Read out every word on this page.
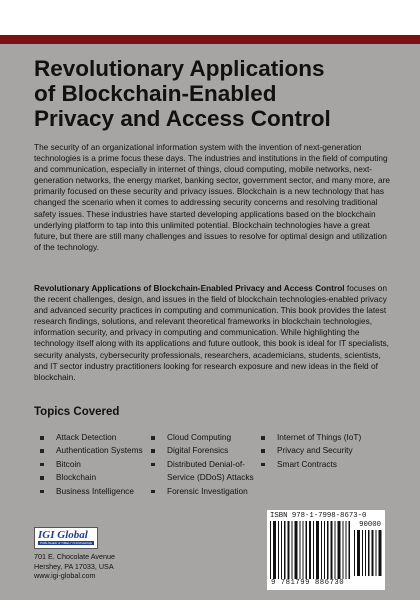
Revolutionary Applications
of Blockchain-Enabled
Privacy and Access Control

The security of an organizational information system with the invention of next-generation technologies is a prime focus these days. The industries and institutions in the field of computing and communication, especially in internet of things, cloud computing, mobile networks, next-generation networks, the energy market, banking sector, government sector, and many more, are primarily focused on these security and privacy issues. Blockchain is a new technology that has changed the scenario when it comes to addressing security concerns and resolving traditional safety issues. These industries have started developing applications based on the blockchain underlying platform to tap into this unlimited potential. Blockchain technologies have a great future, but there are still many challenges and issues to resolve for optimal design and utilization of the technology.

Revolutionary Applications of Blockchain-Enabled Privacy and Access Control focuses on the recent challenges, design, and issues in the field of blockchain technologies-enabled privacy and advanced security practices in computing and communication. This book provides the latest research findings, solutions, and relevant theoretical frameworks in blockchain technologies, information security, and privacy in computing and communication. While highlighting the technology itself along with its applications and future outlook, this book is ideal for IT specialists, security analysts, cybersecurity professionals, researchers, academicians, students, scientists, and IT sector industry practitioners looking for research exposure and new ideas in the field of blockchain.

Topics Covered
Attack Detection
Authentication Systems
Bitcoin
Blockchain
Business Intelligence
Cloud Computing
Digital Forensics
Distributed Denial-of-Service (DDoS) Attacks
Forensic Investigation
Internet of Things (IoT)
Privacy and Security
Smart Contracts
IGI Global
PUBLISHER of TIMELY KNOWLEDGE

701 E. Chocolate Avenue
Hershey, PA 17033, USA
www.igi-global.com

ISBN 978-1-7998-8673-0
90000
9 781799 886730
